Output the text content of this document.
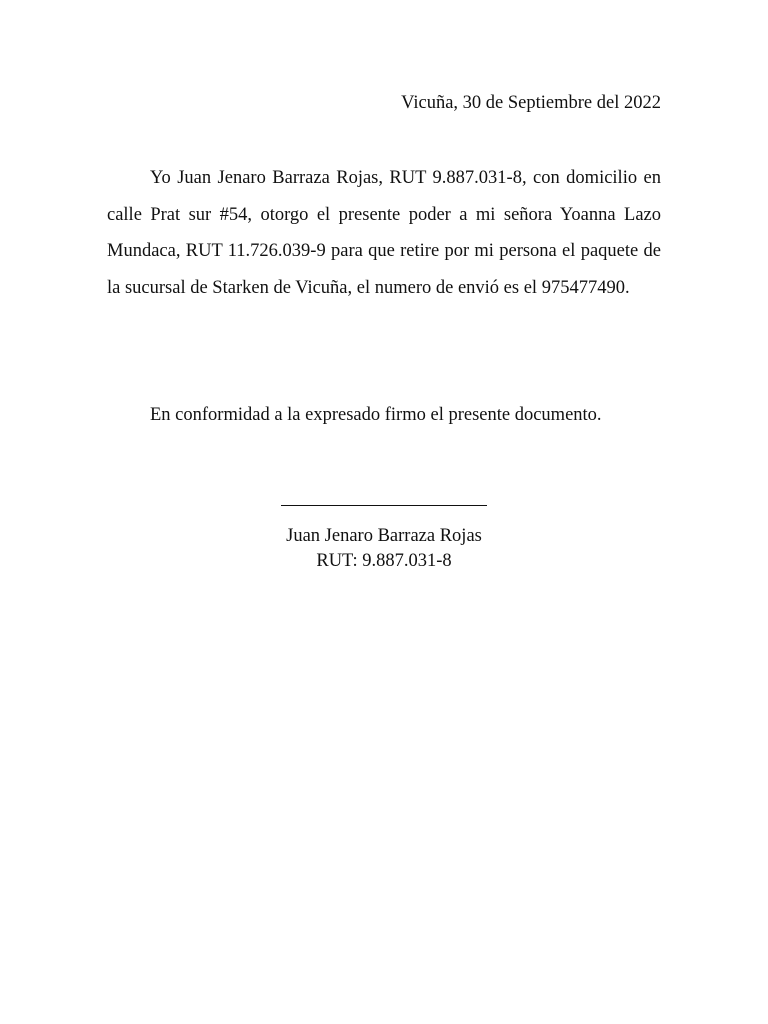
Vicuña, 30 de Septiembre del 2022

Yo Juan Jenaro Barraza Rojas, RUT 9.887.031-8, con domicilio en calle Prat sur #54, otorgo el presente poder a mi señora Yoanna Lazo Mundaca, RUT 11.726.039-9 para que retire por mi persona el paquete de la sucursal de Starken de Vicuña, el numero de envió es el 975477490.

En conformidad a la expresado firmo el presente documento.
Juan Jenaro Barraza Rojas
RUT: 9.887.031-8
